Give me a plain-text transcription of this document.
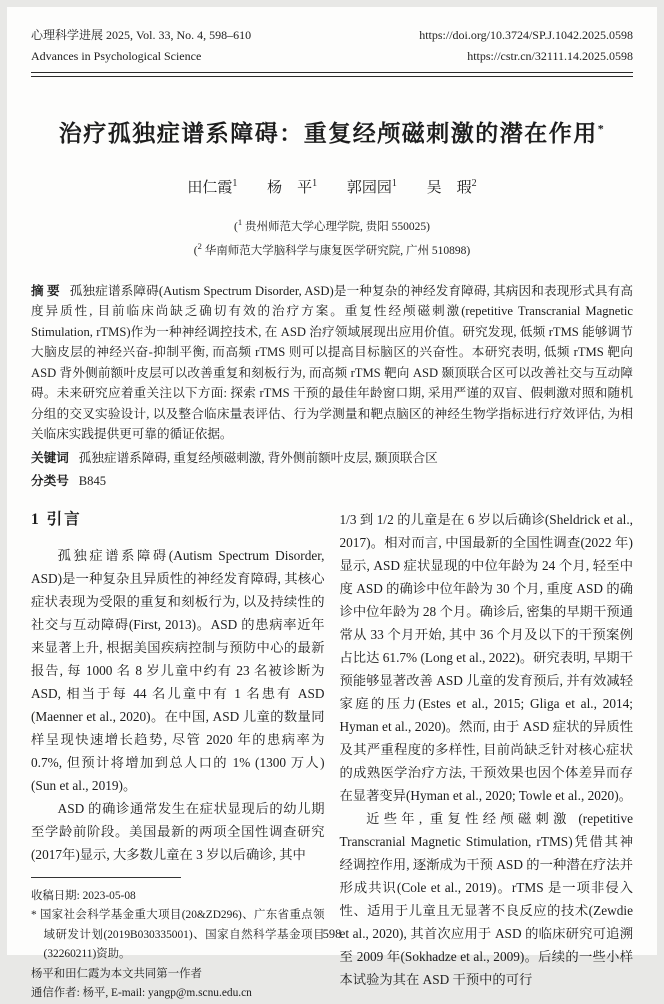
心理科学进展 2025, Vol. 33, No. 4, 598–610
Advances in Psychological Science
https://doi.org/10.3724/SP.J.1042.2025.0598
https://cstr.cn/32111.14.2025.0598
治疗孤独症谱系障碍：重复经颅磁刺激的潜在作用*
田仁霞$^1$ 杨　平$^1$ 郭园园$^1$ 吴　瑕$^2$
($^1$ 贵州师范大学心理学院, 贵阳 550025)
($^2$ 华南师范大学脑科学与康复医学研究院, 广州 510898)
摘 要 孤独症谱系障碍(Autism Spectrum Disorder, ASD)是一种复杂的神经发育障碍, 其病因和表现形式具有高度异质性, 目前临床尚缺乏确切有效的治疗方案。重复性经颅磁刺激(repetitive Transcranial Magnetic Stimulation, rTMS)作为一种神经调控技术, 在 ASD 治疗领域展现出应用价值。研究发现, 低频 rTMS 能够调节大脑皮层的神经兴奋-抑制平衡, 而高频 rTMS 则可以提高目标脑区的兴奋性。本研究表明, 低频 rTMS 靶向 ASD 背外侧前额叶皮层可以改善重复和刻板行为, 而高频 rTMS 靶向 ASD 颞顶联合区可以改善社交与互动障碍。未来研究应着重关注以下方面: 探索 rTMS 干预的最佳年龄窗口期, 采用严谨的双盲、假刺激对照和随机分组的交叉实验设计, 以及整合临床量表评估、行为学测量和靶点脑区的神经生物学指标进行疗效评估, 为相关临床实践提供更可靠的循证依据。
关键词 孤独症谱系障碍, 重复经颅磁刺激, 背外侧前额叶皮层, 颞顶联合区
分类号 B845
1 引言

孤独症谱系障碍(Autism Spectrum Disorder, ASD)是一种复杂且异质性的神经发育障碍, 其核心症状表现为受限的重复和刻板行为, 以及持续性的社交与互动障碍(First, 2013)。ASD 的患病率近年来显著上升, 根据美国疾病控制与预防中心的最新报告, 每 1000 名 8 岁儿童中约有 23 名被诊断为 ASD, 相当于每 44 名儿童中有 1 名患有 ASD (Maenner et al., 2020)。在中国, ASD 儿童的数量同样呈现快速增长趋势, 尽管 2020 年的患病率为 0.7%, 但预计将增加到总人口的 1% (1300 万人) (Sun et al., 2019)。

ASD 的确诊通常发生在症状显现后的幼儿期至学龄前阶段。美国最新的两项全国性调查研究(2017年)显示, 大多数儿童在 3 岁以后确诊, 其中

收稿日期: 2023-05-08

* 国家社会科学基金重大项目(20&ZD296)、广东省重点领域研发计划(2019B030335001)、国家自然科学基金项目(32260211)资助。

杨平和田仁霞为本文共同第一作者

通信作者: 杨平, E-mail: yangp@m.scnu.edu.cn

1/3 到 1/2 的儿童是在 6 岁以后确诊(Sheldrick et al., 2017)。相对而言, 中国最新的全国性调查(2022 年)显示, ASD 症状显现的中位年龄为 24 个月, 轻至中度 ASD 的确诊中位年龄为 30 个月, 重度 ASD 的确诊中位年龄为 28 个月。确诊后, 密集的早期干预通常从 33 个月开始, 其中 36 个月及以下的干预案例占比达 61.7% (Long et al., 2022)。研究表明, 早期干预能够显著改善 ASD 儿童的发育预后, 并有效减轻家庭的压力(Estes et al., 2015; Gliga et al., 2014; Hyman et al., 2020)。然而, 由于 ASD 症状的异质性及其严重程度的多样性, 目前尚缺乏针对核心症状的成熟医学治疗方法, 干预效果也因个体差异而存在显著变异(Hyman et al., 2020; Towle et al., 2020)。

近些年, 重复性经颅磁刺激 (repetitive Transcranial Magnetic Stimulation, rTMS)凭借其神经调控作用, 逐渐成为干预 ASD 的一种潜在疗法并形成共识(Cole et al., 2019)。rTMS 是一项非侵入性、适用于儿童且无显著不良反应的技术(Zewdie et al., 2020), 其首次应用于 ASD 的临床研究可追溯至 2009 年(Sokhadze et al., 2009)。后续的一些小样本试验为其在 ASD 干预中的可行

598
